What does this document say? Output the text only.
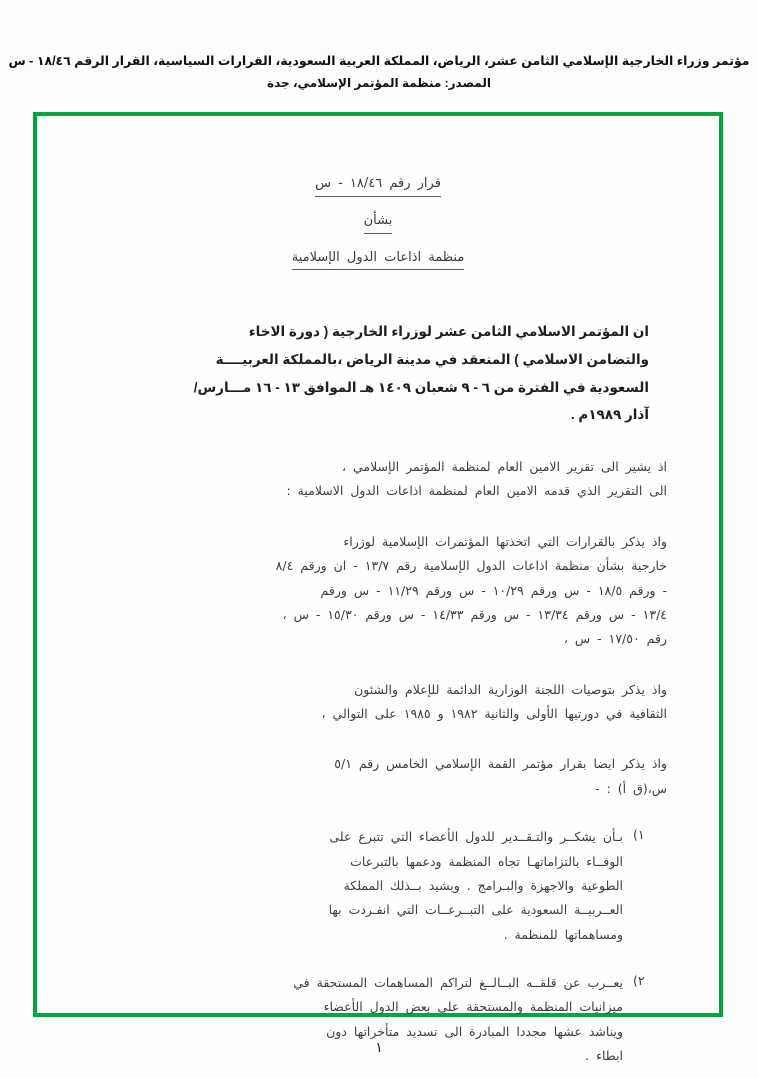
مؤتمر وزراء الخارجية الإسلامي الثامن عشر، الرياض، المملكة العربية السعودية، القرارات السياسية، القرار الرقم ١٨/٤٦ - س
المصدر: منظمة المؤتمر الإسلامي، جدة
قرار رقم ١٨/٤٦ - س
بشأن
منظمة اذاعات الدول الإسلامية
ان المؤتمر الاسلامي الثامن عشر لوزراء الخارجية ( دورة الاخاء
والتضامن الاسلامي ) المنعقد في مدينة الرياض ،بالمملكة العربيــــة
السعودية في الفترة من ٦ - ٩ شعبان ١٤٠٩ هـ الموافق ١٣ - ١٦ مـــارس/
آذار ١٩٨٩م .
اذ يشير الى تقرير الامين العام لمنظمة المؤتمر الإسلامي ،
الى التقرير الذي قدمه الامين العام لمنظمة اذاعات الدول الاسلامية :
واذ يذكر بالقرارات التي اتخذتها المؤتمرات الإسلامية لوزراء
خارجية بشأن منظمة اذاعات الدول الإسلامية رقم ١٣/٧ - ان ورقم ٨/٤
- ورقم ١٨/٥ - س ورقم ١٠/٢٩ - س ورقم ١١/٢٩ - س ورقم
١٣/٤ - س ورقم ١٣/٣٤ - س ورقم ١٤/٣٣ - س ورقم ١٥/٣٠ - س ،
رقم ١٧/٥٠ - س ،
واذ يذكر بتوصيات اللجنة الوزارية الدائمة للإعلام والشئون
الثقافية في دورتيها الأولى والثانية ١٩٨٢ و ١٩٨٥ على التوالي ،
واذ يذكر ايضا بقرار مؤتمر القمة الإسلامي الخامس رقم ٥/١
س،(ق أ) : -
١)
بـأن يشكــر والتـقــدير للدول الأعضاء التي تتبرع على
الوفــاء بالتزاماتهـا تجاه المنظمة ودعمها بالتبرعات
الطوعية والاجهزة والبـرامج . ويشيد بــذلك المملكة
العــربيــة السعودية على التبــرعــات التي انفـردت بها
ومساهماتها للمنظمة .
٢)
يعــرب عن قلقــه البــالــغ لتراكم المساهمات المستحقة في
ميزانيات المنظمة والمستحقة على بعض الدول الأعضاء
ويناشد عشها مجددا المبادرة الى تسديد متأخراتها دون
ابطاء .
١
